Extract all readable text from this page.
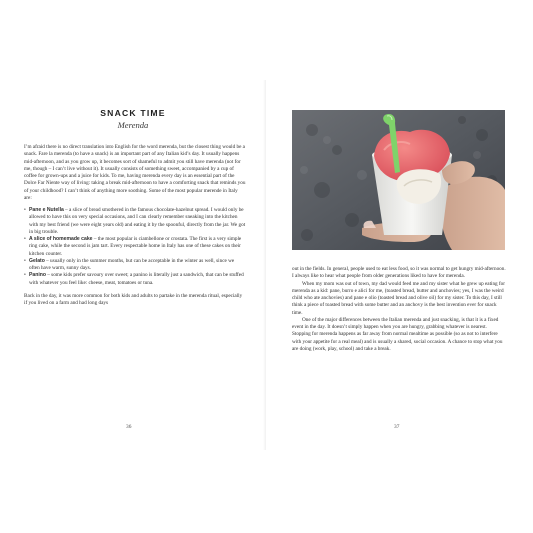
SNACK TIME
Merenda

I’m afraid there is no direct translation into English for the word merenda, but the closest thing would be a snack. Fare la merenda (to have a snack) is an important part of any Italian kid’s day. It usually happens mid-afternoon, and as you grow up, it becomes sort of shameful to admit you still have merenda (not for me, though – I can’t live without it). It usually consists of something sweet, accompanied by a cup of coffee for grown-ups and a juice for kids. To me, having merenda every day is an essential part of the Dolce Far Niente way of living: taking a break mid-afternoon to have a comforting snack that reminds you of your childhood? I can’t think of anything more soothing. Some of the most popular merende in Italy are:

• Pane e Nutella – a slice of bread smothered in the famous chocolate-hazelnut spread. I would only be allowed to have this on very special occasions, and I can clearly remember sneaking into the kitchen with my best friend (we were eight years old) and eating it by the spoonful, directly from the jar. We got in big trouble.
• A slice of homemade cake – the most popular is ciambellone or crostata. The first is a very simple ring cake, while the second is jam tart. Every respectable home in Italy has one of these cakes on their kitchen counter.
• Gelato – usually only in the summer months, but can be acceptable in the winter as well, since we often have warm, sunny days.
• Panino – some kids prefer savoury over sweet; a panino is literally just a sandwich, that can be stuffed with whatever you feel like: cheese, meat, tomatoes or tuna.

Back in the day, it was more common for both kids and adults to partake in the merenda ritual, especially if you lived on a farm and had long days

36

out in the fields. In general, people used to eat less food, so it was normal to get hungry mid-afternoon. I always like to hear what people from older generations liked to have for merenda.

When my mom was out of town, my dad would feed me and my sister what he grew up eating for merenda as a kid: pane, burro e alici for me, (toasted bread, butter and anchovies; yes, I was the weird child who ate anchovies) and pane e olio (toasted bread and olive oil) for my sister. To this day, I still think a piece of toasted bread with some butter and an anchovy is the best invention ever for snack time.

One of the major differences between the Italian merenda and just snacking, is that it is a fixed event in the day. It doesn’t simply happen when you are hungry, grabbing whatever is nearest. Stopping for merenda happens as far away from normal mealtime as possible (so as not to interfere with your appetite for a real meal) and is usually a shared, social occasion. A chance to stop what you are doing (work, play, school) and take a break.

37
